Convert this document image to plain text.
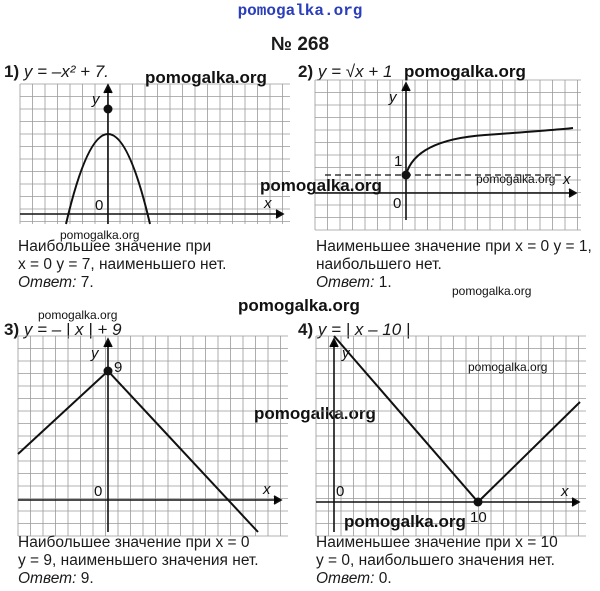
pomogalka.org
№ 268
1) y = –x² + 7.
y
x
0
pomogalka.org
pomogalka.org
Наибольшее значение при
x = 0 y = 7, наименьшего нет.
Ответ: 7.
2) y = √x + 1
y
x
0
1
pomogalka.org
pomogalka.org	pomogalka.org
Наименьшее значение при x = 0 y = 1,
наибольшего нет.
Ответ: 1.	pomogalka.org
pomogalka.org
3) y = – | x | + 9
y
x
0
9
pomogalka.org
pomogalka.org
Наибольшее значение при x = 0
y = 9, наименьшего значения нет.
Ответ: 9.
4) y = | x – 10 |
y
x
0
10
pomogalka.org
pomogalka.org
Наименьшее значение при x = 10
y = 0, наибольшего значения нет.
Ответ: 0.
